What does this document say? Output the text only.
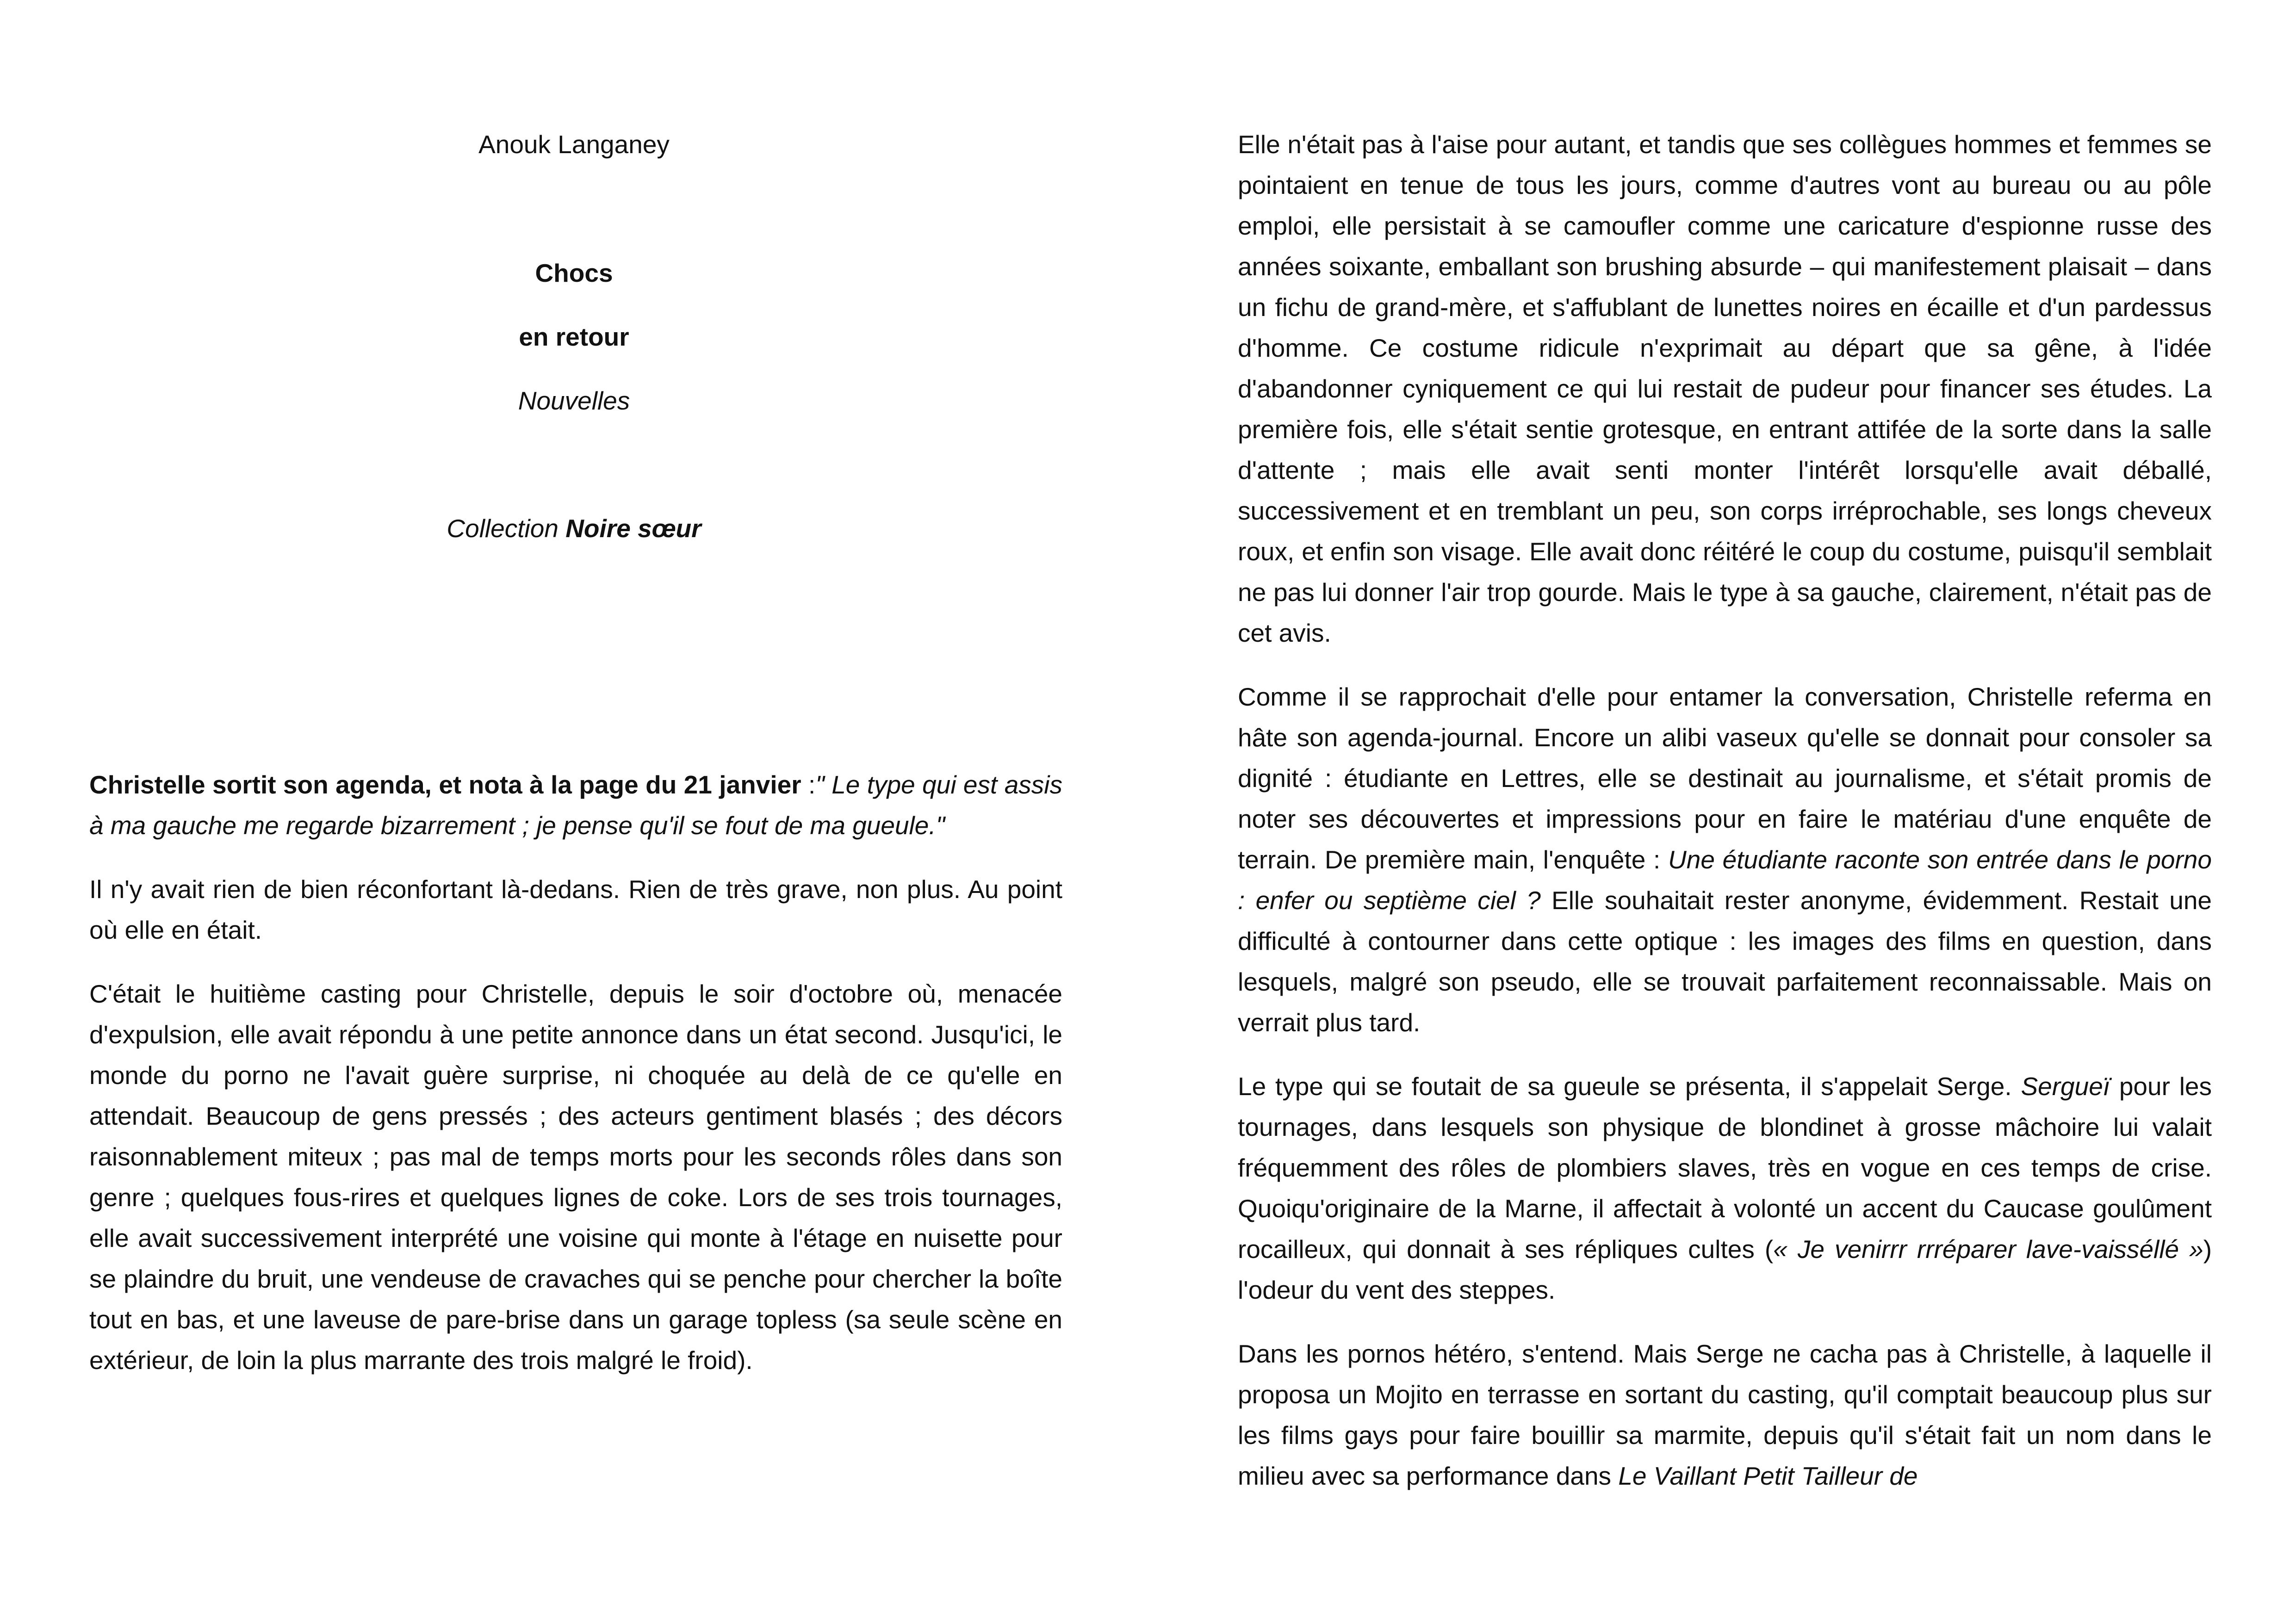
Anouk Langaney
Chocs
en retour
Nouvelles
Collection Noire sœur

Christelle sortit son agenda, et nota à la page du 21 janvier :" Le type qui est assis à ma gauche me regarde bizarrement ; je pense qu'il se fout de ma gueule."

Il n'y avait rien de bien réconfortant là-dedans. Rien de très grave, non plus. Au point où elle en était.

C'était le huitième casting pour Christelle, depuis le soir d'octobre où, menacée d'expulsion, elle avait répondu à une petite annonce dans un état second. Jusqu'ici, le monde du porno ne l'avait guère surprise, ni choquée au delà de ce qu'elle en attendait. Beaucoup de gens pressés ; des acteurs gentiment blasés ; des décors raisonnablement miteux ; pas mal de temps morts pour les seconds rôles dans son genre ; quelques fous-rires et quelques lignes de coke. Lors de ses trois tournages, elle avait successivement interprété une voisine qui monte à l'étage en nuisette pour se plaindre du bruit, une vendeuse de cravaches qui se penche pour chercher la boîte tout en bas, et une laveuse de pare-brise dans un garage topless (sa seule scène en extérieur, de loin la plus marrante des trois malgré le froid).

Elle n'était pas à l'aise pour autant, et tandis que ses collègues hommes et femmes se pointaient en tenue de tous les jours, comme d'autres vont au bureau ou au pôle emploi, elle persistait à se camoufler comme une caricature d'espionne russe des années soixante, emballant son brushing absurde – qui manifestement plaisait – dans un fichu de grand-mère, et s'affublant de lunettes noires en écaille et d'un pardessus d'homme. Ce costume ridicule n'exprimait au départ que sa gêne, à l'idée d'abandonner cyniquement ce qui lui restait de pudeur pour financer ses études. La première fois, elle s'était sentie grotesque, en entrant attifée de la sorte dans la salle d'attente ; mais elle avait senti monter l'intérêt lorsqu'elle avait déballé, successivement et en tremblant un peu, son corps irréprochable, ses longs cheveux roux, et enfin son visage. Elle avait donc réitéré le coup du costume, puisqu'il semblait ne pas lui donner l'air trop gourde. Mais le type à sa gauche, clairement, n'était pas de cet avis.

Comme il se rapprochait d'elle pour entamer la conversation, Christelle referma en hâte son agenda-journal. Encore un alibi vaseux qu'elle se donnait pour consoler sa dignité : étudiante en Lettres, elle se destinait au journalisme, et s'était promis de noter ses découvertes et impressions pour en faire le matériau d'une enquête de terrain. De première main, l'enquête : Une étudiante raconte son entrée dans le porno : enfer ou septième ciel ? Elle souhaitait rester anonyme, évidemment. Restait une difficulté à contourner dans cette optique : les images des films en question, dans lesquels, malgré son pseudo, elle se trouvait parfaitement reconnaissable. Mais on verrait plus tard.

Le type qui se foutait de sa gueule se présenta, il s'appelait Serge. Sergueï pour les tournages, dans lesquels son physique de blondinet à grosse mâchoire lui valait fréquemment des rôles de plombiers slaves, très en vogue en ces temps de crise. Quoiqu'originaire de la Marne, il affectait à volonté un accent du Caucase goulûment rocailleux, qui donnait à ses répliques cultes (« Je venirrr rrréparer lave-vaisséllé ») l'odeur du vent des steppes.

Dans les pornos hétéro, s'entend. Mais Serge ne cacha pas à Christelle, à laquelle il proposa un Mojito en terrasse en sortant du casting, qu'il comptait beaucoup plus sur les films gays pour faire bouillir sa marmite, depuis qu'il s'était fait un nom dans le milieu avec sa performance dans Le Vaillant Petit Tailleur de
